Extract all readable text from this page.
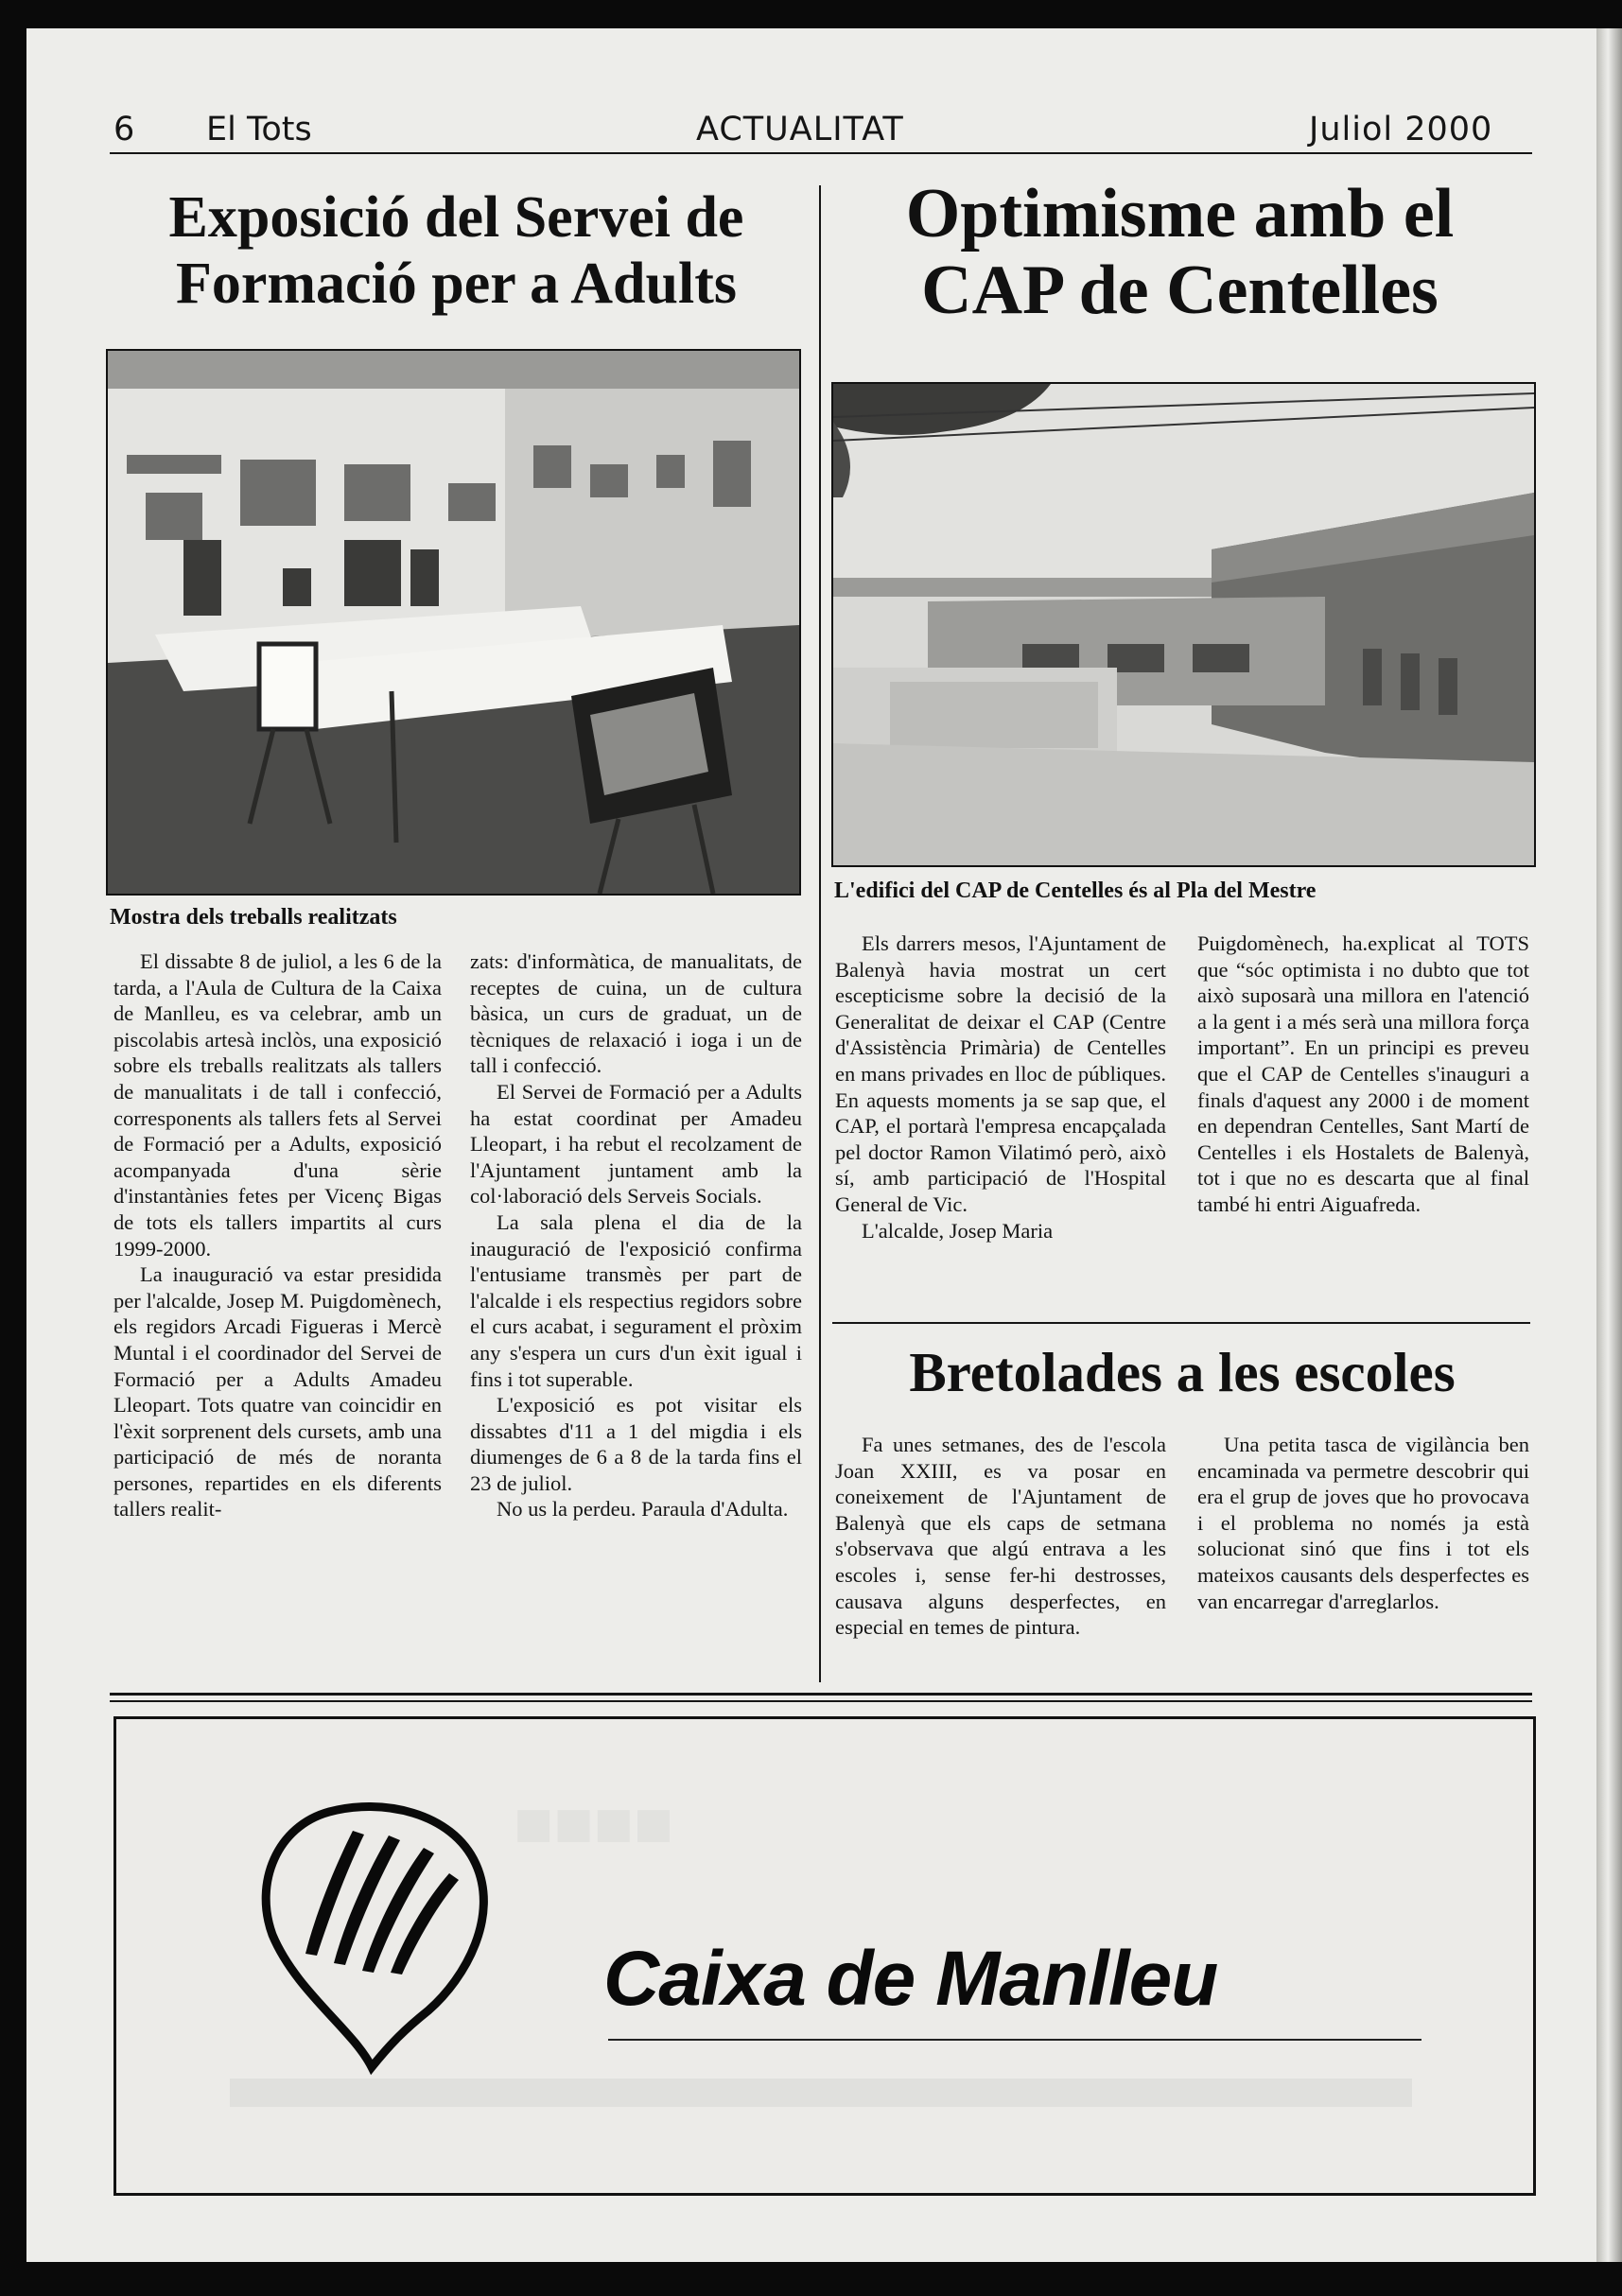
6 El Tots	ACTUALITAT	Juliol 2000
Exposició del Servei de
Formació per a Adults
Mostra dels treballs realitzats

El dissabte 8 de juliol, a les 6 de la tarda, a l'Aula de Cultura de la Caixa de Manlleu, es va celebrar, amb un piscolabis artesà inclòs, una exposició sobre els treballs realitzats als tallers de manualitats i de tall i confecció, corresponents als tallers fets al Servei de Formació per a Adults, exposició acompanyada d'una sèrie d'instantànies fetes per Vicenç Bigas de tots els tallers impartits al curs 1999-2000.

La inauguració va estar presidida per l'alcalde, Josep M. Puigdomènech, els regidors Arcadi Figueras i Mercè Muntal i el coordinador del Servei de Formació per a Adults Amadeu Lleopart. Tots quatre van coincidir en l'èxit sorprenent dels cursets, amb una participació de més de noranta persones, repartides en els diferents tallers realit-

zats: d'informàtica, de manualitats, de receptes de cuina, un de cultura bàsica, un curs de graduat, un de tècniques de relaxació i ioga i un de tall i confecció.

El Servei de Formació per a Adults ha estat coordinat per Amadeu Lleopart, i ha rebut el recolzament de l'Ajuntament juntament amb la col·laboració dels Serveis Socials.

La sala plena el dia de la inauguració de l'exposició confirma l'entusiame transmès per part de l'alcalde i els respectius regidors sobre el curs acabat, i segurament el pròxim any s'espera un curs d'un èxit igual i fins i tot superable.

L'exposició es pot visitar els dissabtes d'11 a 1 del migdia i els diumenges de 6 a 8 de la tarda fins el 23 de juliol.

No us la perdeu. Paraula d'Adulta.

Optimisme amb el
CAP de Centelles
L'edifici del CAP de Centelles és al Pla del Mestre

Els darrers mesos, l'Ajuntament de Balenyà havia mostrat un cert escepticisme sobre la decisió de la Generalitat de deixar el CAP (Centre d'Assistència Primària) de Centelles en mans privades en lloc de públiques. En aquests moments ja se sap que, el CAP, el portarà l'empresa encapçalada pel doctor Ramon Vilatimó però, això sí, amb participació de l'Hospital General de Vic.

L'alcalde, Josep Maria

Puigdomènech, ha.explicat al TOTS que “sóc optimista i no dubto que tot això suposarà una millora en l'atenció a la gent i a més serà una millora força important”. En un principi es preveu que el CAP de Centelles s'inauguri a finals d'aquest any 2000 i de moment en dependran Centelles, Sant Martí de Centelles i els Hostalets de Balenyà, tot i que no es descarta que al final també hi entri Aiguafreda.

Bretolades a les escoles

Fa unes setmanes, des de l'escola Joan XXIII, es va posar en coneixement de l'Ajuntament de Balenyà que els caps de setmana s'observava que algú entrava a les escoles i, sense fer-hi destrosses, causava alguns desperfectes, en especial en temes de pintura.

Una petita tasca de vigilància ben encaminada va permetre descobrir qui era el grup de joves que ho provocava i el problema no només ja està solucionat sinó que fins i tot els mateixos causants dels desperfectes es van encarregar d'arreglarlos.

■■■■
Caixa de Manlleu
